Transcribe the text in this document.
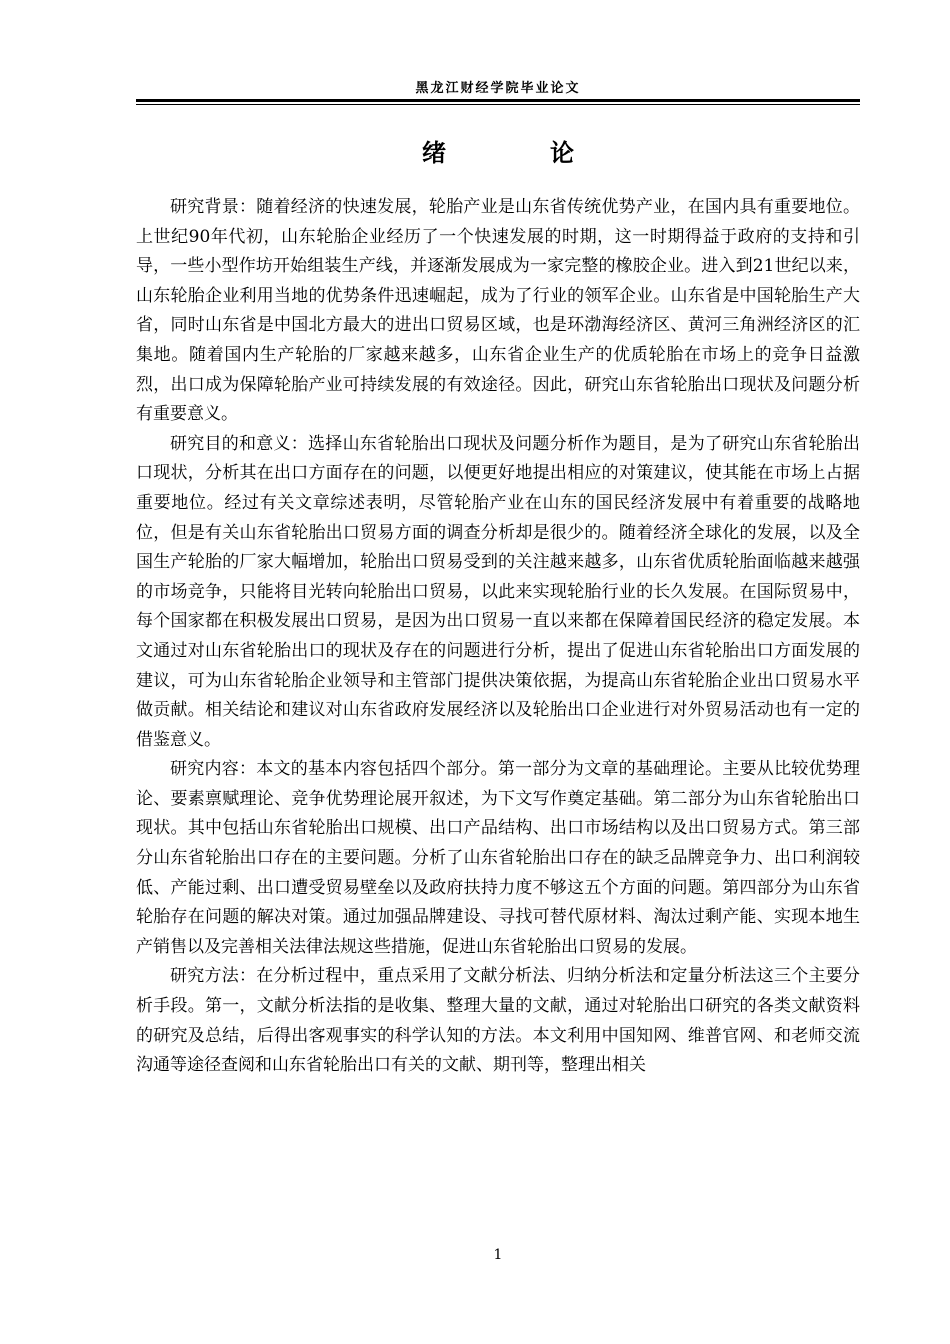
黑龙江财经学院毕业论文
绪　论

研究背景：随着经济的快速发展，轮胎产业是山东省传统优势产业，在国内具有重要地位。上世纪90年代初，山东轮胎企业经历了一个快速发展的时期，这一时期得益于政府的支持和引导，一些小型作坊开始组装生产线，并逐渐发展成为一家完整的橡胶企业。进入到21世纪以来，山东轮胎企业利用当地的优势条件迅速崛起，成为了行业的领军企业。山东省是中国轮胎生产大省，同时山东省是中国北方最大的进出口贸易区域，也是环渤海经济区、黄河三角洲经济区的汇集地。随着国内生产轮胎的厂家越来越多，山东省企业生产的优质轮胎在市场上的竞争日益激烈，出口成为保障轮胎产业可持续发展的有效途径。因此，研究山东省轮胎出口现状及问题分析有重要意义。

研究目的和意义：选择山东省轮胎出口现状及问题分析作为题目，是为了研究山东省轮胎出口现状，分析其在出口方面存在的问题，以便更好地提出相应的对策建议，使其能在市场上占据重要地位。经过有关文章综述表明，尽管轮胎产业在山东的国民经济发展中有着重要的战略地位，但是有关山东省轮胎出口贸易方面的调查分析却是很少的。随着经济全球化的发展，以及全国生产轮胎的厂家大幅增加，轮胎出口贸易受到的关注越来越多，山东省优质轮胎面临越来越强的市场竞争，只能将目光转向轮胎出口贸易，以此来实现轮胎行业的长久发展。在国际贸易中，每个国家都在积极发展出口贸易，是因为出口贸易一直以来都在保障着国民经济的稳定发展。本文通过对山东省轮胎出口的现状及存在的问题进行分析，提出了促进山东省轮胎出口方面发展的建议，可为山东省轮胎企业领导和主管部门提供决策依据，为提高山东省轮胎企业出口贸易水平做贡献。相关结论和建议对山东省政府发展经济以及轮胎出口企业进行对外贸易活动也有一定的借鉴意义。

研究内容：本文的基本内容包括四个部分。第一部分为文章的基础理论。主要从比较优势理论、要素禀赋理论、竞争优势理论展开叙述，为下文写作奠定基础。第二部分为山东省轮胎出口现状。其中包括山东省轮胎出口规模、出口产品结构、出口市场结构以及出口贸易方式。第三部分山东省轮胎出口存在的主要问题。分析了山东省轮胎出口存在的缺乏品牌竞争力、出口利润较低、产能过剩、出口遭受贸易壁垒以及政府扶持力度不够这五个方面的问题。第四部分为山东省轮胎存在问题的解决对策。通过加强品牌建设、寻找可替代原材料、淘汰过剩产能、实现本地生产销售以及完善相关法律法规这些措施，促进山东省轮胎出口贸易的发展。

研究方法：在分析过程中，重点采用了文献分析法、归纳分析法和定量分析法这三个主要分析手段。第一，文献分析法指的是收集、整理大量的文献，通过对轮胎出口研究的各类文献资料的研究及总结，后得出客观事实的科学认知的方法。本文利用中国知网、维普官网、和老师交流沟通等途径查阅和山东省轮胎出口有关的文献、期刊等，整理出相关

1
